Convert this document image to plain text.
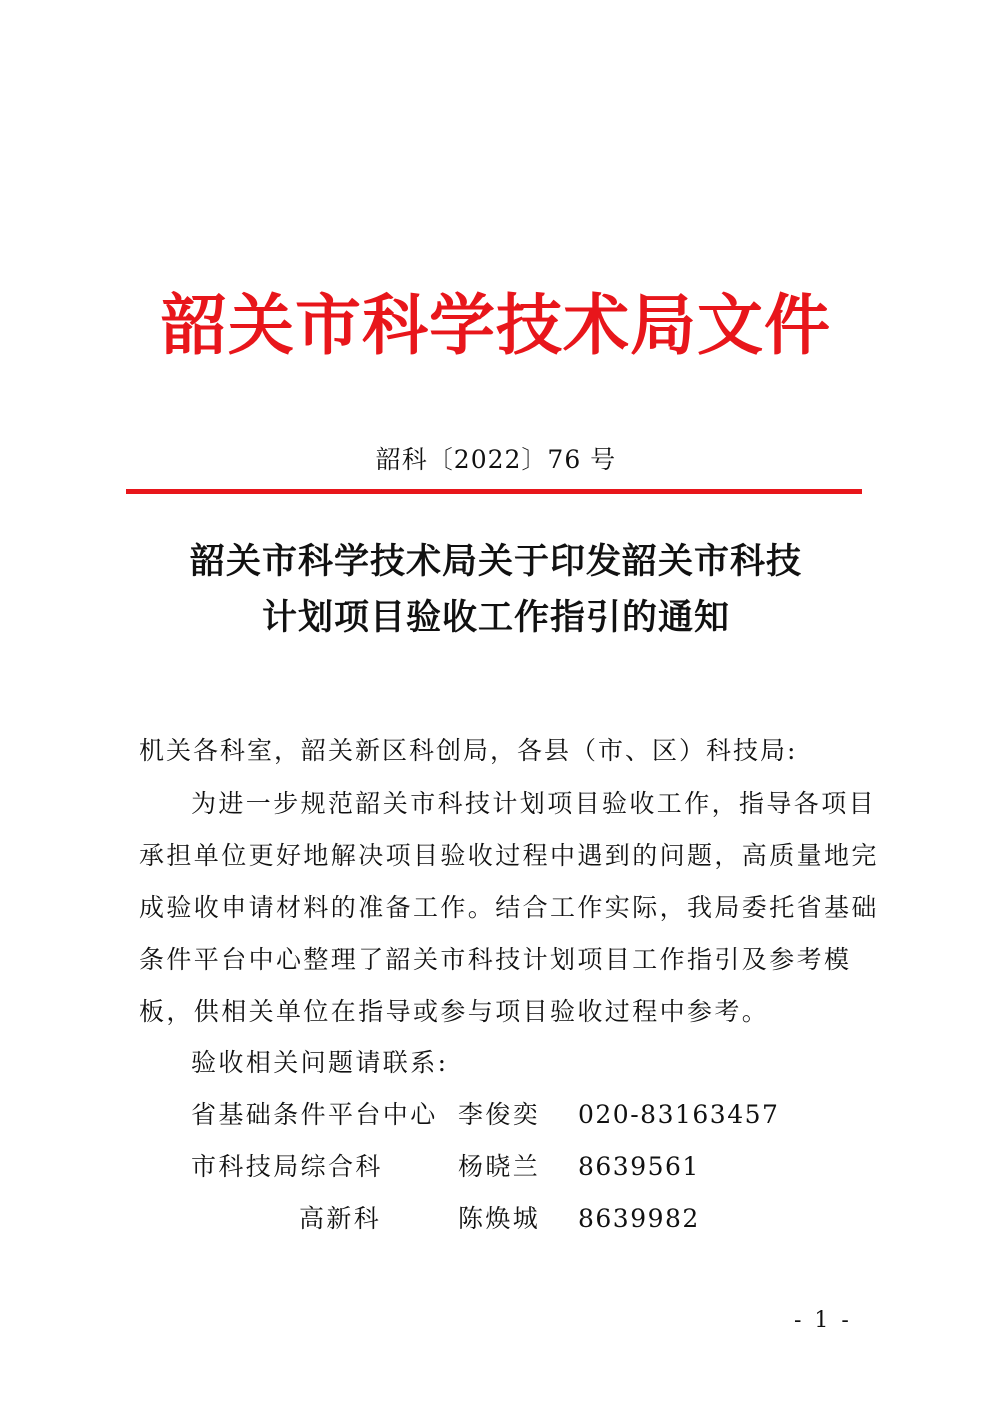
韶关市科学技术局文件
韶科〔2022〕76 号
韶关市科学技术局关于印发韶关市科技
计划项目验收工作指引的通知
机关各科室，韶关新区科创局，各县（市、区）科技局:
为进一步规范韶关市科技计划项目验收工作，指导各项目
承担单位更好地解决项目验收过程中遇到的问题，高质量地完
成验收申请材料的准备工作。结合工作实际，我局委托省基础
条件平台中心整理了韶关市科技计划项目工作指引及参考模
板，供相关单位在指导或参与项目验收过程中参考。
验收相关问题请联系:
省基础条件平台中心 李俊奕 020-83163457
市科技局综合科	杨晓兰 8639561
高新科	陈焕城 8639982
- 1 -
